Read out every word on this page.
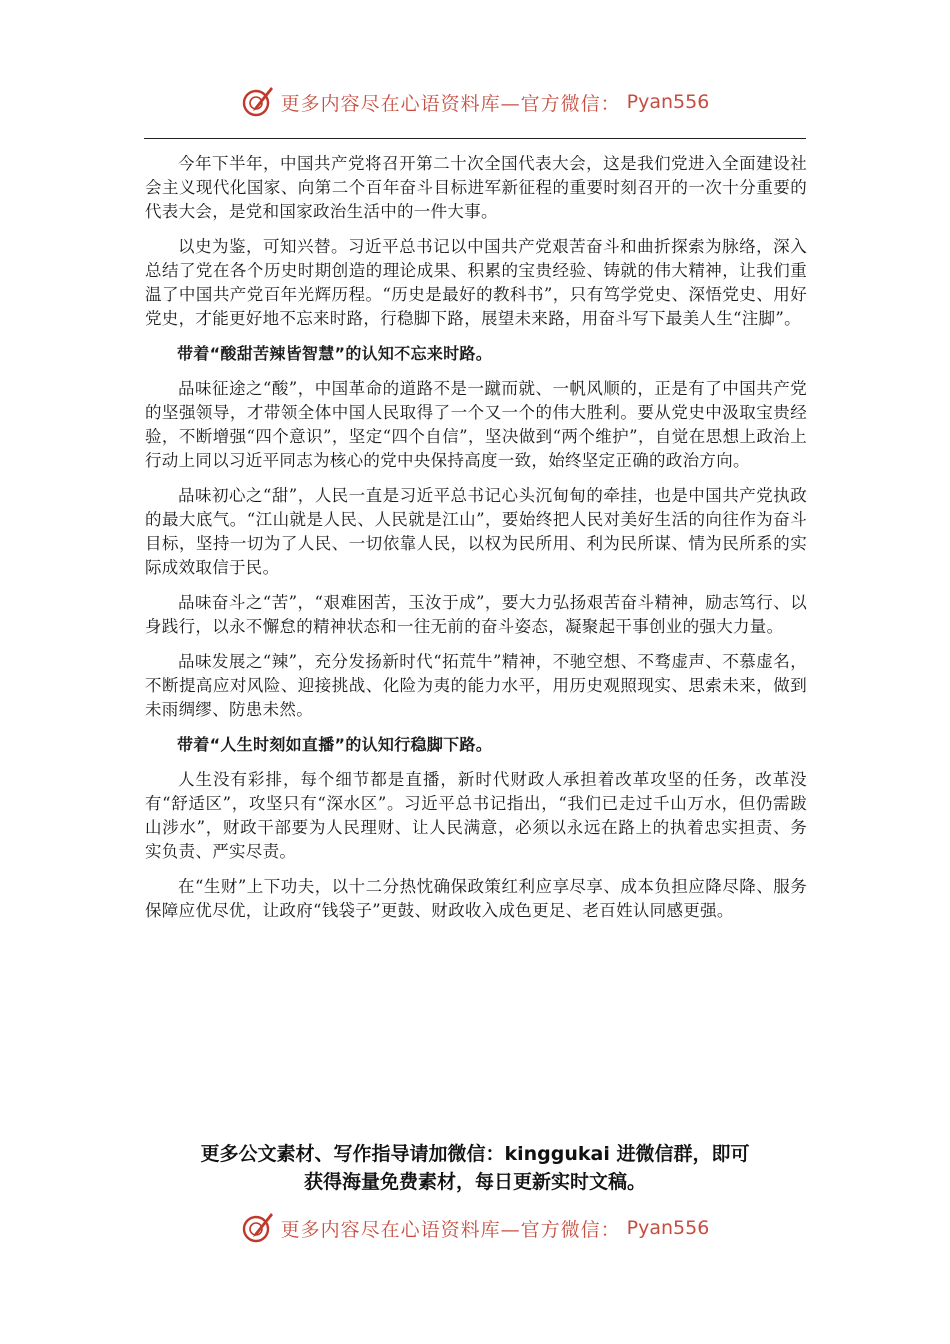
更多内容尽在心语资料库—官方微信： Pyan556

今年下半年，中国共产党将召开第二十次全国代表大会，这是我们党进入全面建设社会主义现代化国家、向第二个百年奋斗目标进军新征程的重要时刻召开的一次十分重要的代表大会，是党和国家政治生活中的一件大事。

以史为鉴，可知兴替。习近平总书记以中国共产党艰苦奋斗和曲折探索为脉络，深入总结了党在各个历史时期创造的理论成果、积累的宝贵经验、铸就的伟大精神，让我们重温了中国共产党百年光辉历程。“历史是最好的教科书”，只有笃学党史、深悟党史、用好党史，才能更好地不忘来时路，行稳脚下路，展望未来路，用奋斗写下最美人生“注脚”。

带着“酸甜苦辣皆智慧”的认知不忘来时路。

品味征途之“酸”，中国革命的道路不是一蹴而就、一帆风顺的，正是有了中国共产党的坚强领导，才带领全体中国人民取得了一个又一个的伟大胜利。要从党史中汲取宝贵经验，不断增强“四个意识”，坚定“四个自信”，坚决做到“两个维护”，自觉在思想上政治上行动上同以习近平同志为核心的党中央保持高度一致，始终坚定正确的政治方向。

品味初心之“甜”，人民一直是习近平总书记心头沉甸甸的牵挂，也是中国共产党执政的最大底气。“江山就是人民、人民就是江山”，要始终把人民对美好生活的向往作为奋斗目标，坚持一切为了人民、一切依靠人民，以权为民所用、利为民所谋、情为民所系的实际成效取信于民。

品味奋斗之“苦”，“艰难困苦，玉汝于成”，要大力弘扬艰苦奋斗精神，励志笃行、以身践行，以永不懈怠的精神状态和一往无前的奋斗姿态，凝聚起干事创业的强大力量。

品味发展之“辣”，充分发扬新时代“拓荒牛”精神，不驰空想、不骛虚声、不慕虚名，不断提高应对风险、迎接挑战、化险为夷的能力水平，用历史观照现实、思索未来，做到未雨绸缪、防患未然。

带着“人生时刻如直播”的认知行稳脚下路。

人生没有彩排，每个细节都是直播，新时代财政人承担着改革攻坚的任务，改革没有“舒适区”，攻坚只有“深水区”。习近平总书记指出，“我们已走过千山万水，但仍需跋山涉水”，财政干部要为人民理财、让人民满意，必须以永远在路上的执着忠实担责、务实负责、严实尽责。

在“生财”上下功夫，以十二分热忱确保政策红利应享尽享、成本负担应降尽降、服务保障应优尽优，让政府“钱袋子”更鼓、财政收入成色更足、老百姓认同感更强。

更多公文素材、写作指导请加微信：kinggukai 进微信群，即可
获得海量免费素材，每日更新实时文稿。
更多内容尽在心语资料库—官方微信： Pyan556
